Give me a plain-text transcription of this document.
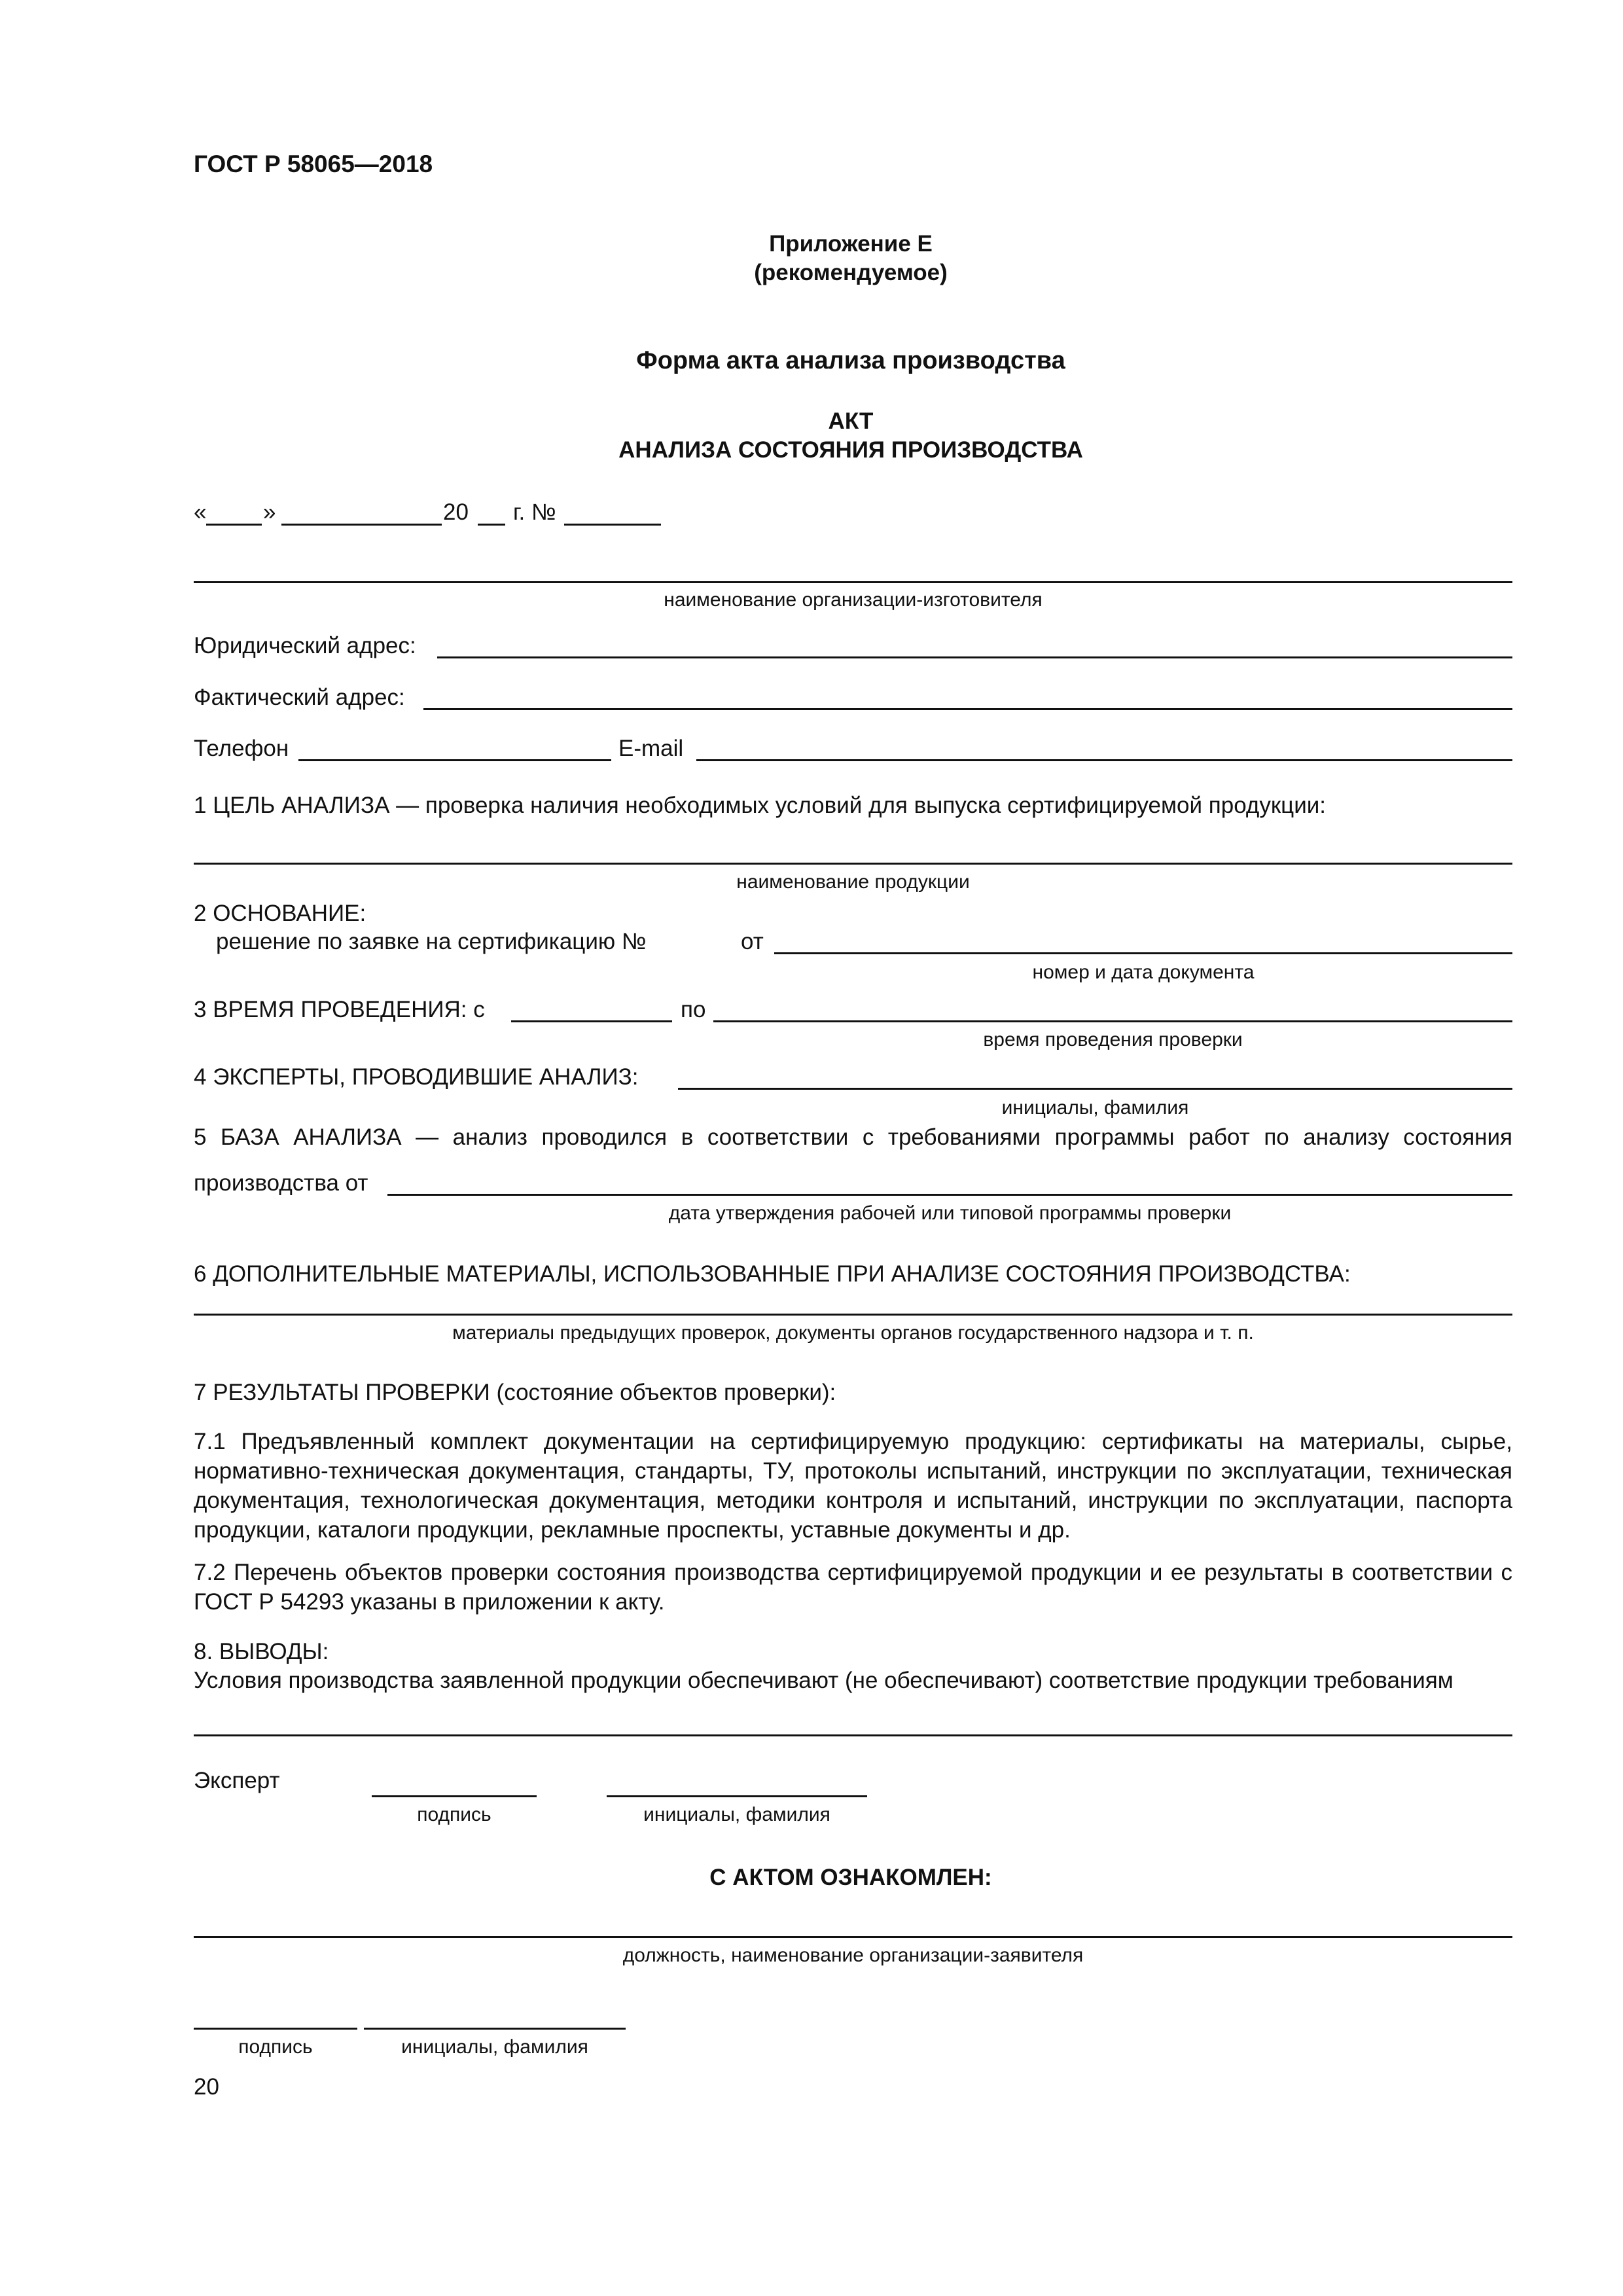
ГОСТ Р 58065—2018
Приложение Е
(рекомендуемое)
Форма акта анализа производства
АКТ
АНАЛИЗА СОСТОЯНИЯ ПРОИЗВОДСТВА
« »	20 г. №
наименование организации-изготовителя
Юридический адрес:
Фактический адрес:
Телефон	E-mail
1 ЦЕЛЬ АНАЛИЗА — проверка наличия необходимых условий для выпуска сертифицируемой продукции:
наименование продукции
2 ОСНОВАНИЕ:
решение по заявке на сертификацию №	от
номер и дата документа
3 ВРЕМЯ ПРОВЕДЕНИЯ: с	по
время проведения проверки
4 ЭКСПЕРТЫ, ПРОВОДИВШИЕ АНАЛИЗ:
инициалы, фамилия
5 БАЗА АНАЛИЗА — анализ проводился в соответствии с требованиями программы работ по анализу состояния
производства от
дата утверждения рабочей или типовой программы проверки
6 ДОПОЛНИТЕЛЬНЫЕ МАТЕРИАЛЫ, ИСПОЛЬЗОВАННЫЕ ПРИ АНАЛИЗЕ СОСТОЯНИЯ ПРОИЗВОДСТВА:
материалы предыдущих проверок, документы органов государственного надзора и т. п.
7 РЕЗУЛЬТАТЫ ПРОВЕРКИ (состояние объектов проверки):
7.1 Предъявленный комплект документации на сертифицируемую продукцию: сертификаты на материалы, сырье, нормативно-техническая документация, стандарты, ТУ, протоколы испытаний, инструкции по эксплуатации, техническая документация, технологическая документация, методики контроля и испытаний, инструкции по эксплуатации, паспорта продукции, каталоги продукции, рекламные проспекты, уставные документы и др.
7.2 Перечень объектов проверки состояния производства сертифицируемой продукции и ее результаты в соответствии с ГОСТ Р 54293 указаны в приложении к акту.
8. ВЫВОДЫ:
Условия производства заявленной продукции обеспечивают (не обеспечивают) соответствие продукции требованиям
Эксперт
подпись	инициалы, фамилия
С АКТОМ ОЗНАКОМЛЕН:
должность, наименование организации-заявителя
подпись	инициалы, фамилия
20
